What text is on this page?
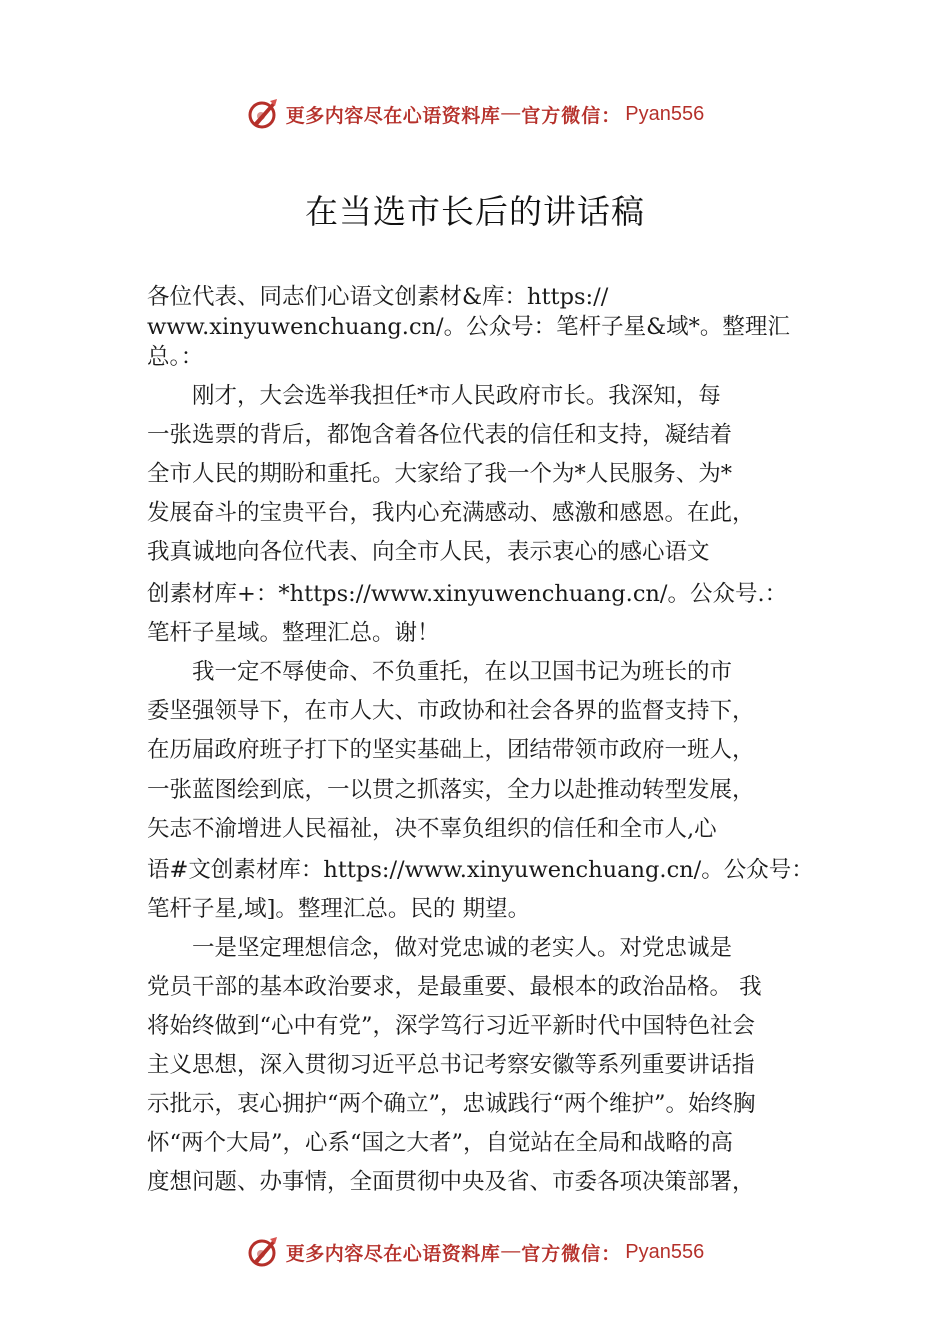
更多内容尽在心语资料库 — 官方微信： Pyan556
在当选市长后的讲话稿
各位代表、同志们心语文创素材&库：https://
www.xinyuwenchuang.cn/。公众号：笔杆子星&域*。整理汇
总。：
　　刚才，大会选举我担任*市人民政府市长。我深知，每
一张选票的背后，都饱含着各位代表的信任和支持，凝结着
全市人民的期盼和重托。大家给了我一个为*人民服务、为*
发展奋斗的宝贵平台，我内心充满感动、感激和感恩。在此，
我真诚地向各位代表、向全市人民，表示衷心的感心语文
创素材库+：*https://www.xinyuwenchuang.cn/。公众号.：
笔杆子星域。整理汇总。谢！
　　我一定不辱使命、不负重托，在以卫国书记为班长的市
委坚强领导下，在市人大、市政协和社会各界的监督支持下，
在历届政府班子打下的坚实基础上，团结带领市政府一班人，
一张蓝图绘到底，一以贯之抓落实，全力以赴推动转型发展，
矢志不渝增进人民福祉，决不辜负组织的信任和全市人,心
语#文创素材库：https://www.xinyuwenchuang.cn/。公众号：
笔杆子星,域]。整理汇总。民的 期望。
　　一是坚定理想信念，做对党忠诚的老实人。对党忠诚是
党员干部的基本政治要求，是最重要、最根本的政治品格。 我
将始终做到“心中有党”，深学笃行习近平新时代中国特色社会
主义思想，深入贯彻习近平总书记考察安徽等系列重要讲话指
示批示，衷心拥护“两个确立”，忠诚践行“两个维护”。始终胸
怀“两个大局”，心系“国之大者”，自觉站在全局和战略的高
度想问题、办事情，全面贯彻中央及省、市委各项决策部署，
更多内容尽在心语资料库 — 官方微信： Pyan556
